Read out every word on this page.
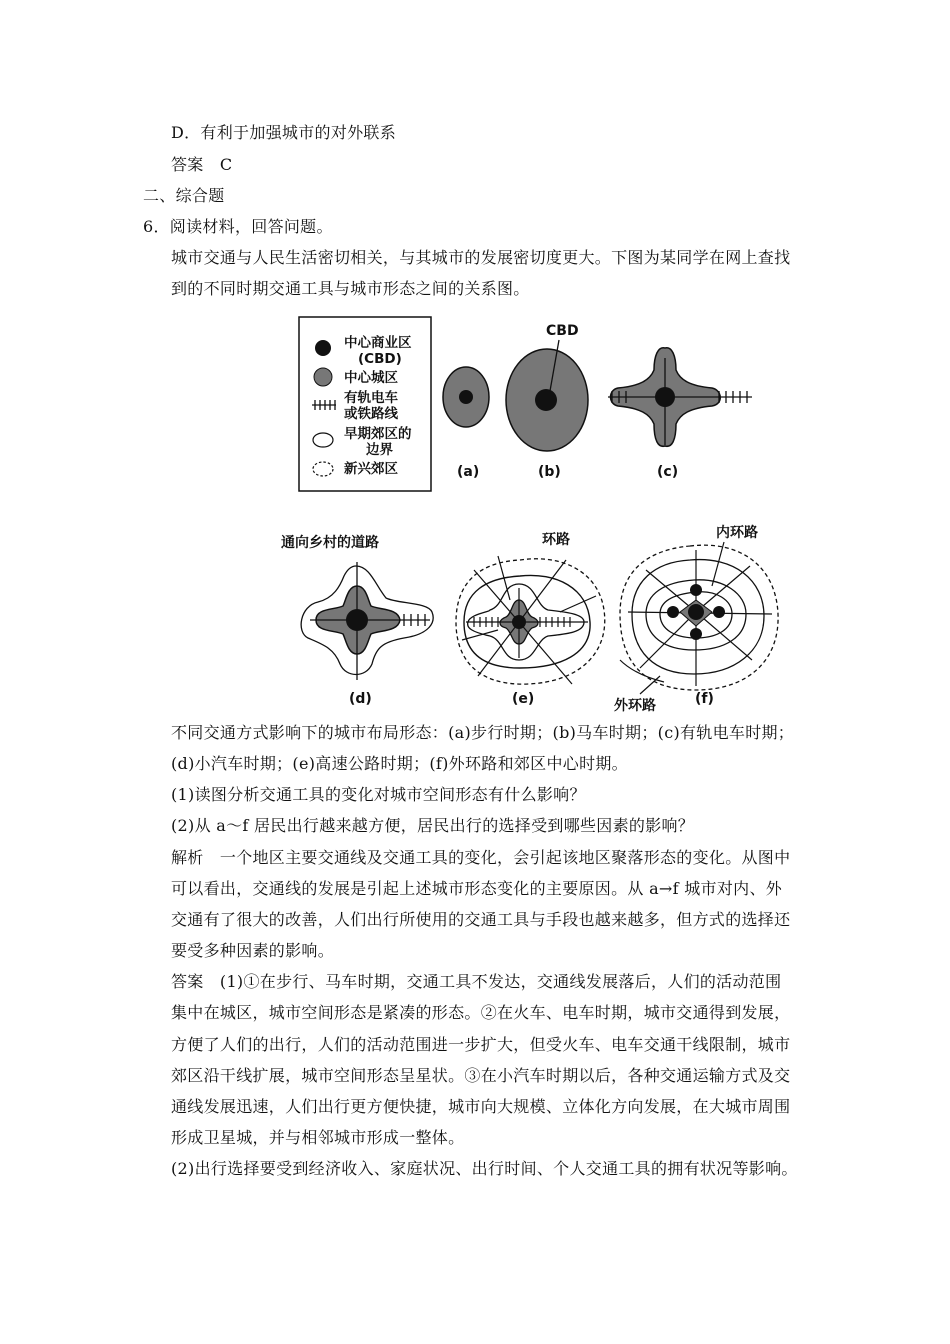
D．有利于加强城市的对外联系
答案　C
二、综合题
6．阅读材料，回答问题。
城市交通与人民生活密切相关，与其城市的发展密切度更大。下图为某同学在网上查找
到的不同时期交通工具与城市形态之间的关系图。
中心商业区
(CBD)
中心城区
有轨电车
或铁路线
早期郊区的
边界
新兴郊区	(a)
CBD
(b)	(c)
通向乡村的道路
(d)
环路
(e)
内环路
外环路	(f)
不同交通方式影响下的城市布局形态：(a)步行时期；(b)马车时期；(c)有轨电车时期；
(d)小汽车时期；(e)高速公路时期；(f)外环路和郊区中心时期。
(1)读图分析交通工具的变化对城市空间形态有什么影响？
(2)从 a～f 居民出行越来越方便，居民出行的选择受到哪些因素的影响？
解析　一个地区主要交通线及交通工具的变化，会引起该地区聚落形态的变化。从图中
可以看出，交通线的发展是引起上述城市形态变化的主要原因。从 a→f 城市对内、外
交通有了很大的改善，人们出行所使用的交通工具与手段也越来越多，但方式的选择还
要受多种因素的影响。
答案　(1)①在步行、马车时期，交通工具不发达，交通线发展落后，人们的活动范围
集中在城区，城市空间形态是紧凑的形态。②在火车、电车时期，城市交通得到发展，
方便了人们的出行，人们的活动范围进一步扩大，但受火车、电车交通干线限制，城市
郊区沿干线扩展，城市空间形态呈星状。③在小汽车时期以后，各种交通运输方式及交
通线发展迅速，人们出行更方便快捷，城市向大规模、立体化方向发展，在大城市周围
形成卫星城，并与相邻城市形成一整体。
(2)出行选择要受到经济收入、家庭状况、出行时间、个人交通工具的拥有状况等影响。
